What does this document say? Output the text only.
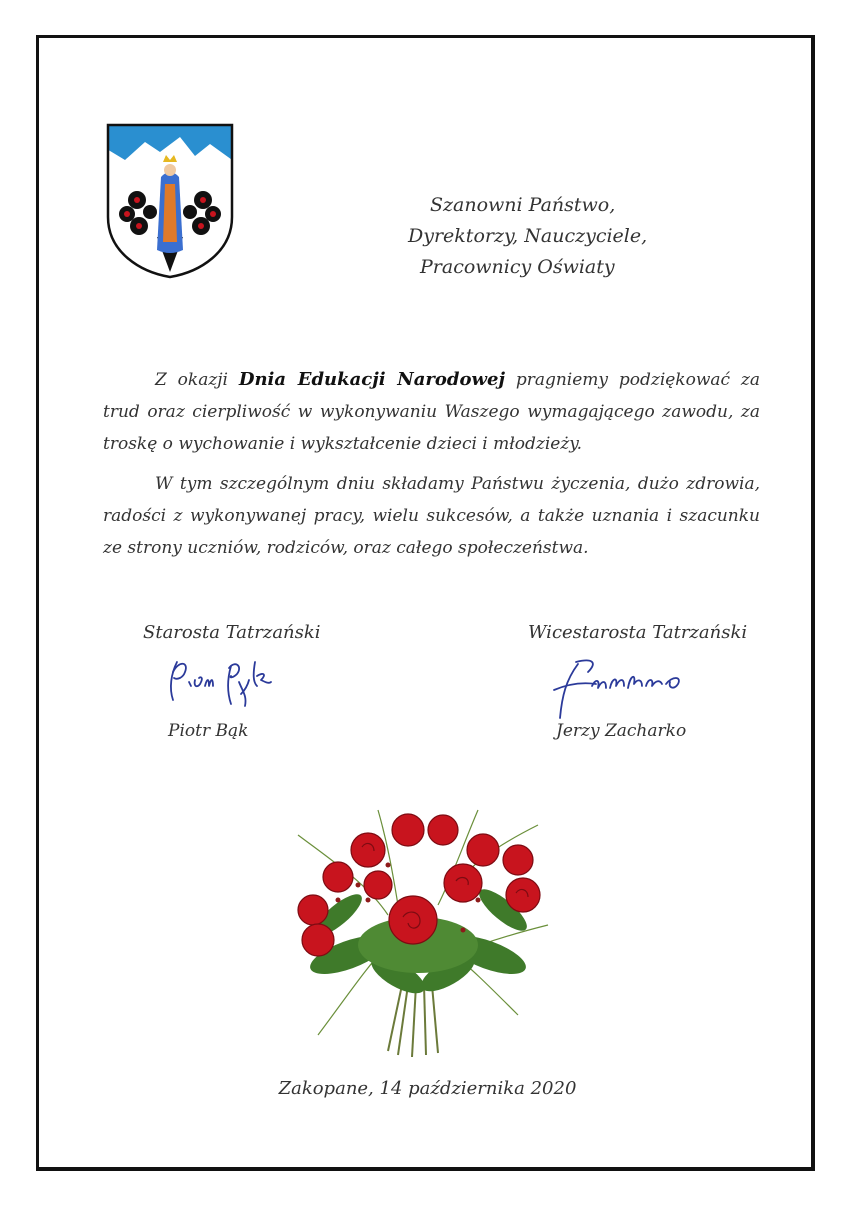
Szanowni Państwo,
Dyrektorzy, Nauczyciele,
Pracownicy Oświaty

Z okazji Dnia Edukacji Narodowej pragniemy podziękować za trud oraz cierpliwość w wykonywaniu Waszego wymagającego zawodu, za troskę o wychowanie i wykształcenie dzieci i młodzieży.

W tym szczególnym dniu składamy Państwu życzenia, dużo zdrowia, radości z wykonywanej pracy, wielu sukcesów, a także uznania i szacunku ze strony uczniów, rodziców, oraz całego społeczeństwa.

Starosta Tatrzański
Piotr Bąk
Wicestarosta Tatrzański
Jerzy Zacharko
Zakopane, 14 października 2020
